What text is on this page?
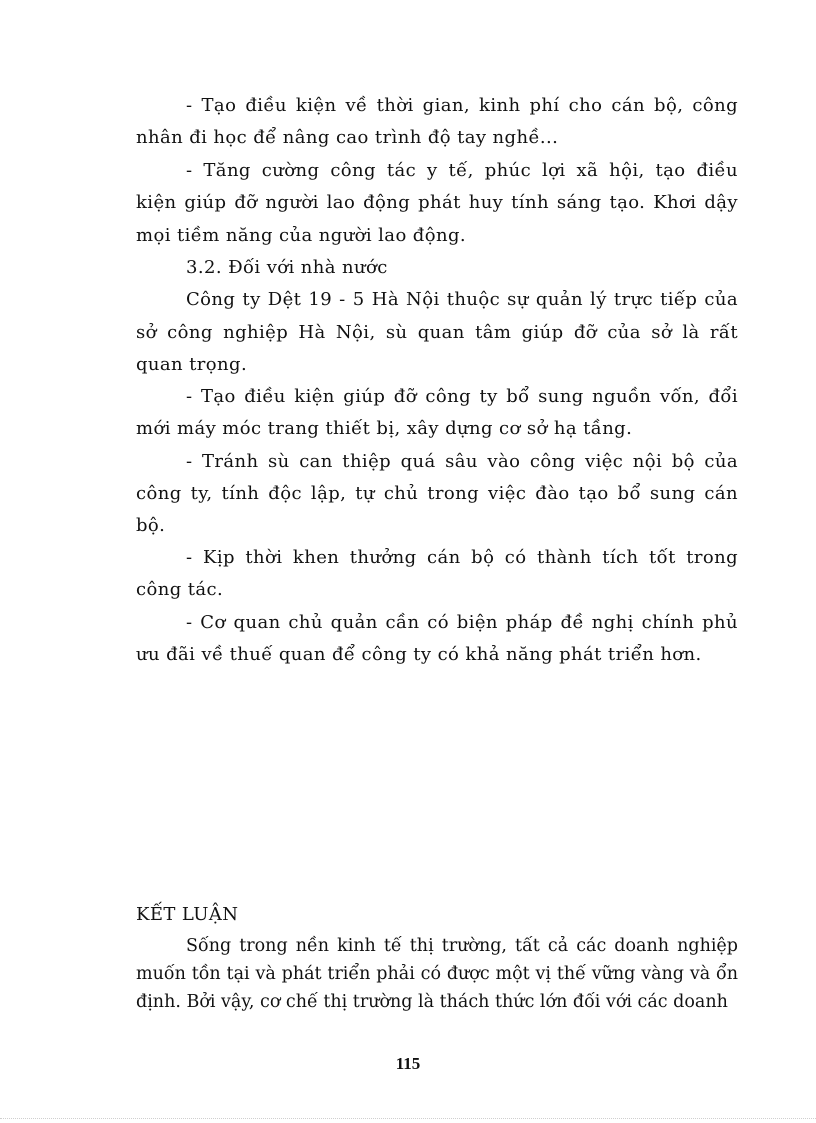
- Tạo điều kiện về thời gian, kinh phí cho cán bộ, công
nhân đi học để nâng cao trình độ tay nghề...
- Tăng cường công tác y tế, phúc lợi xã hội, tạo điều
kiện giúp đỡ người lao động phát huy tính sáng tạo. Khơi dậy
mọi tiềm năng của người lao động.
3.2. Đối với nhà nước
Công ty Dệt 19 - 5 Hà Nội thuộc sự quản lý trực tiếp của
sở công nghiệp Hà Nội, sù quan tâm giúp đỡ của sở là rất
quan trọng.
- Tạo điều kiện giúp đỡ công ty bổ sung nguồn vốn, đổi
mới máy móc trang thiết bị, xây dựng cơ sở hạ tầng.
- Tránh sù can thiệp quá sâu vào công việc nội bộ của
công ty, tính độc lập, tự chủ trong việc đào tạo bổ sung cán
bộ.
- Kịp thời khen thưởng cán bộ có thành tích tốt trong
công tác.
- Cơ quan chủ quản cần có biện pháp đề nghị chính phủ
ưu đãi về thuế quan để công ty có khả năng phát triển hơn.
KẾT LUẬN
Sống trong nền kinh tế thị trường, tất cả các doanh nghiệp
muốn tồn tại và phát triển phải có được một vị thế vững vàng và ổn
định. Bởi vậy, cơ chế thị trường là thách thức lớn đối với các doanh
115
